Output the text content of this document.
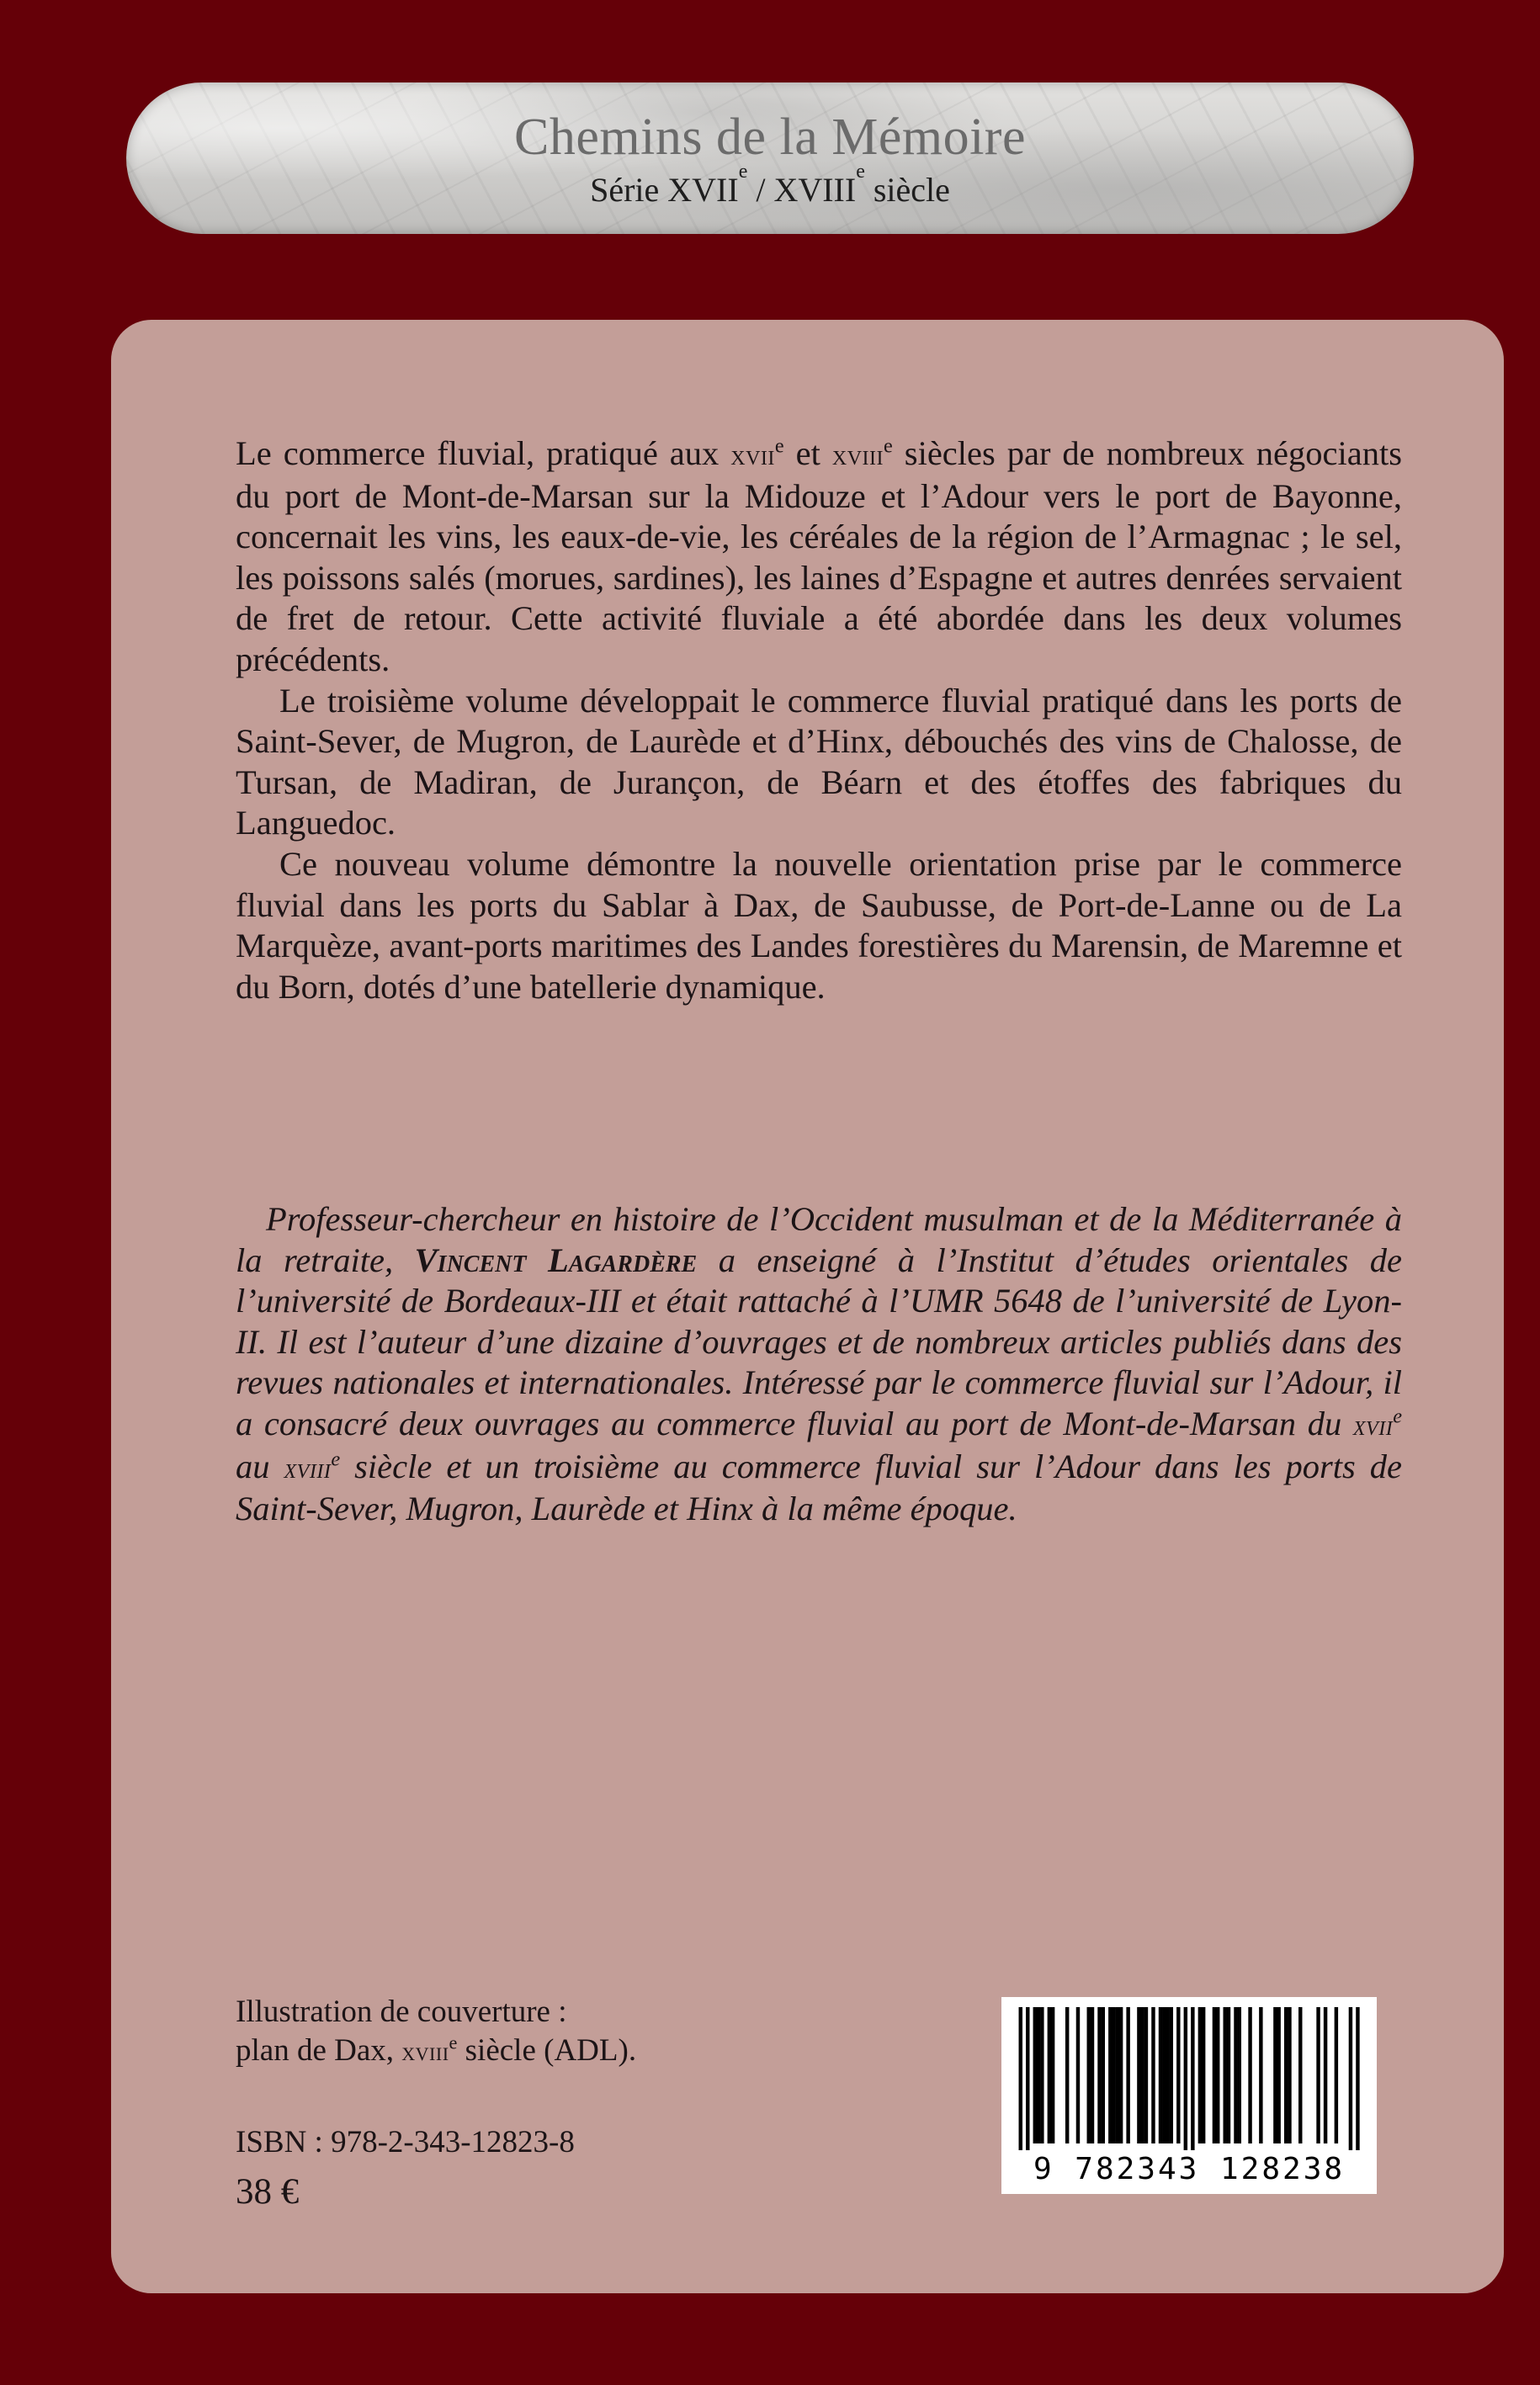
Chemins de la Mémoire
Série XVIIe / XVIIIe siècle

Le commerce fluvial, pratiqué aux xvii$^e$ et xviii$^e$ siècles par de nombreux négociants du port de Mont-de-Marsan sur la Midouze et l’Adour vers le port de Bayonne, concernait les vins, les eaux-de-vie, les céréales de la région de l’Armagnac ; le sel, les poissons salés (morues, sardines), les laines d’Espagne et autres denrées servaient de fret de retour. Cette activité fluviale a été abordée dans les deux volumes précédents.

Le troisième volume développait le commerce fluvial pratiqué dans les ports de Saint-Sever, de Mugron, de Laurède et d’Hinx, débouchés des vins de Chalosse, de Tursan, de Madiran, de Jurançon, de Béarn et des étoffes des fabriques du Languedoc.

Ce nouveau volume démontre la nouvelle orientation prise par le commerce fluvial dans les ports du Sablar à Dax, de Saubusse, de Port-de-Lanne ou de La Marquèze, avant-ports maritimes des Landes forestières du Marensin, de Maremne et du Born, dotés d’une batellerie dynamique.

Professeur-chercheur en histoire de l’Occident musulman et de la Méditerranée à la retraite, Vincent Lagardère a enseigné à l’Institut d’études orientales de l’université de Bordeaux-III et était rattaché à l’UMR 5648 de l’université de Lyon-II. Il est l’auteur d’une dizaine d’ouvrages et de nombreux articles publiés dans des revues nationales et internationales. Intéressé par le commerce fluvial sur l’Adour, il a consacré deux ouvrages au commerce fluvial au port de Mont-de-Marsan du xvii$^e$ au xviii$^e$ siècle et un troisième au commerce fluvial sur l’Adour dans les ports de Saint-Sever, Mugron, Laurède et Hinx à la même époque.
Illustration de couverture :
plan de Dax, xviii$^e$ siècle (ADL).
ISBN : 978-2-343-12823-8
38 €
9 782343 128238
